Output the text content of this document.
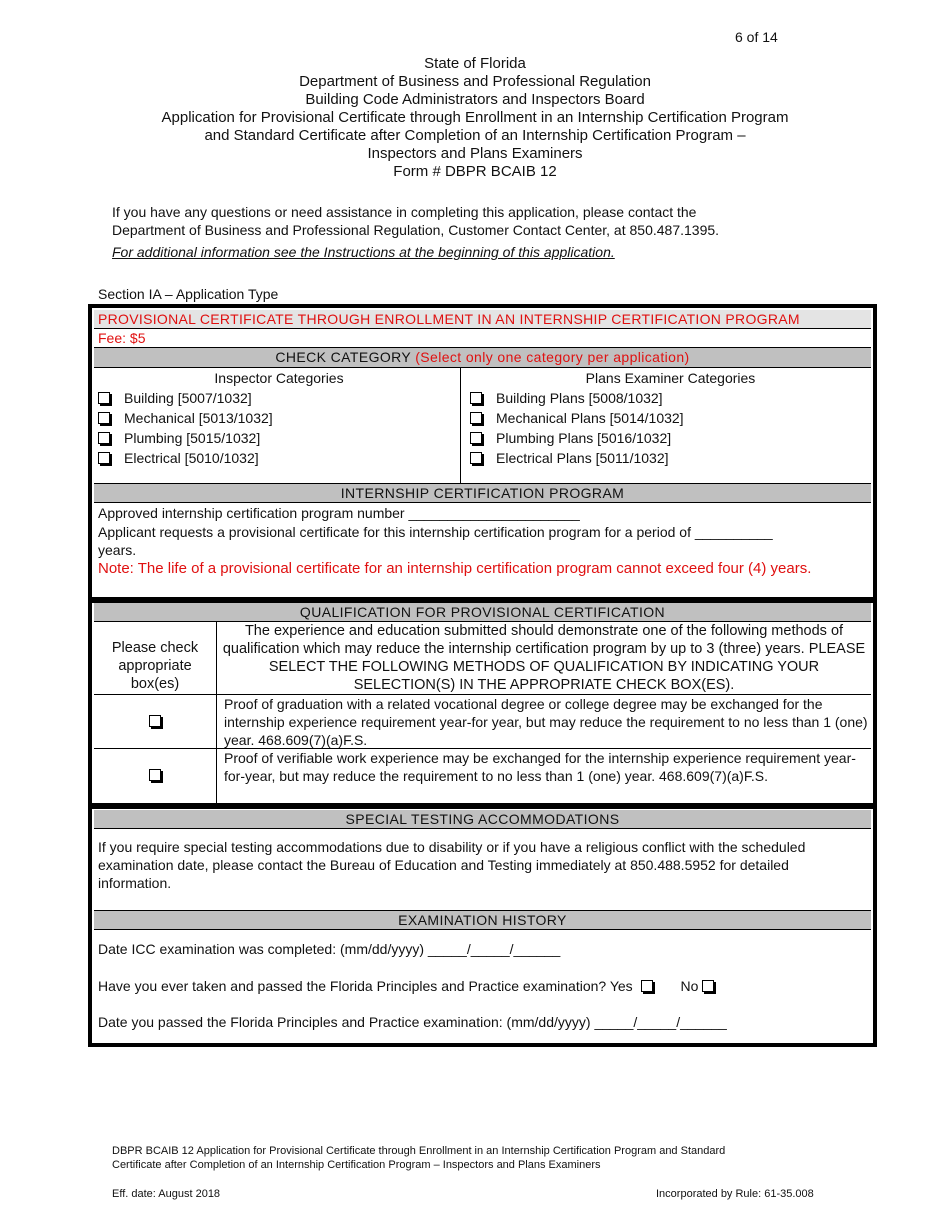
6 of 14
State of Florida
Department of Business and Professional Regulation
Building Code Administrators and Inspectors Board
Application for Provisional Certificate through Enrollment in an Internship Certification Program
and Standard Certificate after Completion of an Internship Certification Program –
Inspectors and Plans Examiners
Form # DBPR BCAIB 12
If you have any questions or need assistance in completing this application, please contact the
Department of Business and Professional Regulation, Customer Contact Center, at 850.487.1395.
For additional information see the Instructions at the beginning of this application.
Section IA – Application Type
PROVISIONAL CERTIFICATE THROUGH ENROLLMENT IN AN INTERNSHIP CERTIFICATION PROGRAM
Fee: $5
CHECK CATEGORY (Select only one category per application)
Inspector Categories
Building [5007/1032]
Mechanical [5013/1032]
Plumbing [5015/1032]
Electrical [5010/1032]
Plans Examiner Categories
Building Plans [5008/1032]
Mechanical Plans [5014/1032]
Plumbing Plans [5016/1032]
Electrical Plans [5011/1032]
INTERNSHIP CERTIFICATION PROGRAM
Approved internship certification program number ______________________
Applicant requests a provisional certificate for this internship certification program for a period of __________
years.
Note: The life of a provisional certificate for an internship certification program cannot exceed four (4) years.
QUALIFICATION FOR PROVISIONAL CERTIFICATION
Please check appropriate box(es)
The experience and education submitted should demonstrate one of the following methods of qualification which may reduce the internship certification program by up to 3 (three) years. PLEASE SELECT THE FOLLOWING METHODS OF QUALIFICATION BY INDICATING YOUR SELECTION(S) IN THE APPROPRIATE CHECK BOX(ES).
Proof of graduation with a related vocational degree or college degree may be exchanged for the internship experience requirement year-for year, but may reduce the requirement to no less than 1 (one) year. 468.609(7)(a)F.S.
Proof of verifiable work experience may be exchanged for the internship experience requirement year-for-year, but may reduce the requirement to no less than 1 (one) year. 468.609(7)(a)F.S.
SPECIAL TESTING ACCOMMODATIONS
If you require special testing accommodations due to disability or if you have a religious conflict with the scheduled examination date, please contact the Bureau of Education and Testing immediately at 850.488.5952 for detailed information.
EXAMINATION HISTORY
Date ICC examination was completed: (mm/dd/yyyy) _____/_____/______
Have you ever taken and passed the Florida Principles and Practice examination? Yes	No
Date you passed the Florida Principles and Practice examination: (mm/dd/yyyy) _____/_____/______
DBPR BCAIB 12 Application for Provisional Certificate through Enrollment in an Internship Certification Program and Standard
Certificate after Completion of an Internship Certification Program – Inspectors and Plans Examiners
Eff. date: August 2018	Incorporated by Rule: 61-35.008
